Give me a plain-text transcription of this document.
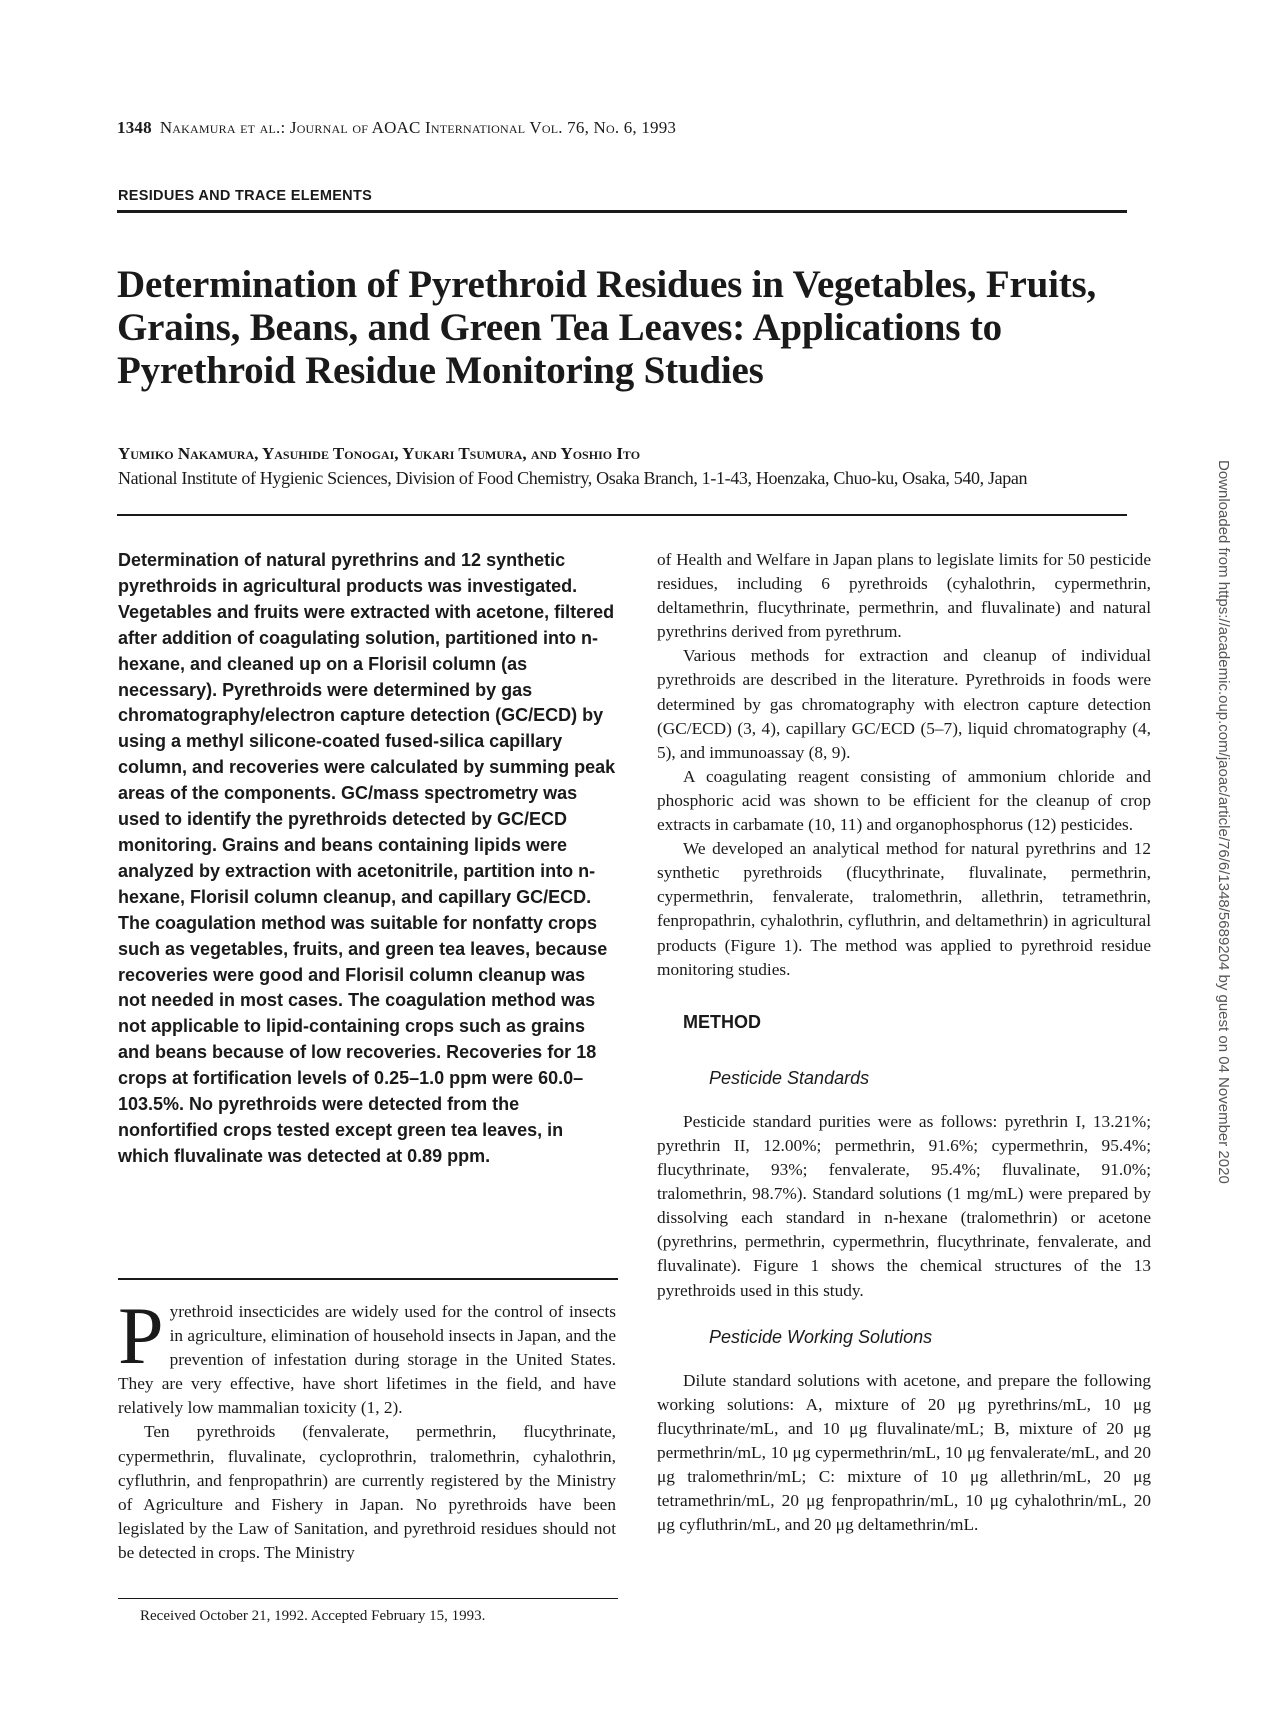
1348 Nakamura et al.: Journal of AOAC International Vol. 76, No. 6, 1993
RESIDUES AND TRACE ELEMENTS
Determination of Pyrethroid Residues in Vegetables, Fruits, Grains, Beans, and Green Tea Leaves: Applications to Pyrethroid Residue Monitoring Studies
Yumiko Nakamura, Yasuhide Tonogai, Yukari Tsumura, and Yoshio Ito
National Institute of Hygienic Sciences, Division of Food Chemistry, Osaka Branch, 1-1-43, Hoenzaka, Chuo-ku, Osaka, 540, Japan
Determination of natural pyrethrins and 12 synthetic pyrethroids in agricultural products was investigated. Vegetables and fruits were extracted with acetone, filtered after addition of coagulating solution, partitioned into n-hexane, and cleaned up on a Florisil column (as necessary). Pyrethroids were determined by gas chromatography/electron capture detection (GC/ECD) by using a methyl silicone-coated fused-silica capillary column, and recoveries were calculated by summing peak areas of the components. GC/mass spectrometry was used to identify the pyrethroids detected by GC/ECD monitoring. Grains and beans containing lipids were analyzed by extraction with acetonitrile, partition into n-hexane, Florisil column cleanup, and capillary GC/ECD. The coagulation method was suitable for nonfatty crops such as vegetables, fruits, and green tea leaves, because recoveries were good and Florisil column cleanup was not needed in most cases. The coagulation method was not applicable to lipid-containing crops such as grains and beans because of low recoveries. Recoveries for 18 crops at fortification levels of 0.25–1.0 ppm were 60.0–103.5%. No pyrethroids were detected from the nonfortified crops tested except green tea leaves, in which fluvalinate was detected at 0.89 ppm.

Pyrethroid insecticides are widely used for the control of insects in agriculture, elimination of household insects in Japan, and the prevention of infestation during storage in the United States. They are very effective, have short lifetimes in the field, and have relatively low mammalian toxicity (1, 2).

Ten pyrethroids (fenvalerate, permethrin, flucythrinate, cypermethrin, fluvalinate, cycloprothrin, tralomethrin, cyhalothrin, cyfluthrin, and fenpropathrin) are currently registered by the Ministry of Agriculture and Fishery in Japan. No pyrethroids have been legislated by the Law of Sanitation, and pyrethroid residues should not be detected in crops. The Ministry

Received October 21, 1992. Accepted February 15, 1993.

of Health and Welfare in Japan plans to legislate limits for 50 pesticide residues, including 6 pyrethroids (cyhalothrin, cypermethrin, deltamethrin, flucythrinate, permethrin, and fluvalinate) and natural pyrethrins derived from pyrethrum.

Various methods for extraction and cleanup of individual pyrethroids are described in the literature. Pyrethroids in foods were determined by gas chromatography with electron capture detection (GC/ECD) (3, 4), capillary GC/ECD (5–7), liquid chromatography (4, 5), and immunoassay (8, 9).

A coagulating reagent consisting of ammonium chloride and phosphoric acid was shown to be efficient for the cleanup of crop extracts in carbamate (10, 11) and organophosphorus (12) pesticides.

We developed an analytical method for natural pyrethrins and 12 synthetic pyrethroids (flucythrinate, fluvalinate, permethrin, cypermethrin, fenvalerate, tralomethrin, allethrin, tetramethrin, fenpropathrin, cyhalothrin, cyfluthrin, and deltamethrin) in agricultural products (Figure 1). The method was applied to pyrethroid residue monitoring studies.

METHOD

Pesticide Standards

Pesticide standard purities were as follows: pyrethrin I, 13.21%; pyrethrin II, 12.00%; permethrin, 91.6%; cypermethrin, 95.4%; flucythrinate, 93%; fenvalerate, 95.4%; fluvalinate, 91.0%; tralomethrin, 98.7%). Standard solutions (1 mg/mL) were prepared by dissolving each standard in n-hexane (tralomethrin) or acetone (pyrethrins, permethrin, cypermethrin, flucythrinate, fenvalerate, and fluvalinate). Figure 1 shows the chemical structures of the 13 pyrethroids used in this study.

Pesticide Working Solutions

Dilute standard solutions with acetone, and prepare the following working solutions: A, mixture of 20 μg pyrethrins/mL, 10 μg flucythrinate/mL, and 10 μg fluvalinate/mL; B, mixture of 20 μg permethrin/mL, 10 μg cypermethrin/mL, 10 μg fenvalerate/mL, and 20 μg tralomethrin/mL; C: mixture of 10 μg allethrin/mL, 20 μg tetramethrin/mL, 20 μg fenpropathrin/mL, 10 μg cyhalothrin/mL, 20 μg cyfluthrin/mL, and 20 μg deltamethrin/mL.

Downloaded from https://academic.oup.com/jaoac/article/76/6/1348/5689204 by guest on 04 November 2020
